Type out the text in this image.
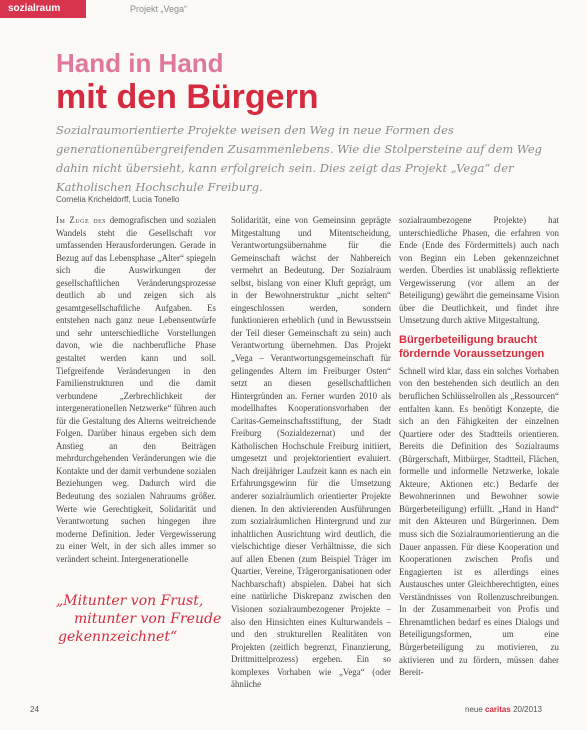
sozialraum	Projekt „Vega“
Hand in Hand
mit den Bürgern
Sozialraumorientierte Projekte weisen den Weg in neue Formen des generationenübergreifenden Zusammenlebens. Wie die Stolpersteine auf dem Weg dahin nicht übersieht, kann erfolgreich sein. Dies zeigt das Projekt „Vega“ der Katholischen Hochschule Freiburg.
Cornelia Kricheldorff, Lucia Tonello
Im Zuge des demografischen und sozialen Wandels steht die Gesellschaft vor umfassenden Herausforderungen. Gerade in Bezug auf das Lebensphase „Alter“ spiegeln sich die Auswirkungen der gesellschaftlichen Veränderungsprozesse deutlich ab und zeigen sich als gesamtgesellschaftliche Aufgaben. Es entstehen nach ganz neue Lebensentwürfe und sehr unterschiedliche Vorstellungen davon, wie die nachberufliche Phase gestaltet werden kann und soll. Tiefgreifende Veränderungen in den Familienstrukturen und die damit verbundene „Zerbrechlichkeit der intergenerationellen Netzwerke“ führen auch für die Gestaltung des Alterns weitreichende Folgen. Darüber hinaus ergeben sich dem Anstieg an den Beiträgen mehrdurchgehenden Veränderungen wie die Kontakte und der damit verbundene sozialen Beziehungen weg. Dadurch wird die Bedeutung des sozialen Nahraums größer. Werte wie Gerechtigkeit, Solidarität und Verantwortung suchen hingegen ihre moderne Definition. Jeder Vergewisserung zu einer Welt, in der sich alles immer so verändert scheint. Intergenerationelle
Solidarität, eine von Gemeinsinn geprägte Mitgestaltung und Mitentscheidung, Verantwortungsübernahme für die Gemeinschaft wächst der Nahbereich vermehrt an Bedeutung. Der Sozialraum selbst, bislang von einer Kluft geprägt, um in der Bewohnerstruktur „nicht selten“ eingeschlossen werden, sondern funktionieren erheblich (und in Bewusstsein der Teil dieser Gemeinschaft zu sein) auch Verantwortung übernehmen. Das Projekt „Vega – Verantwortungsgemeinschaft für gelingendes Altern im Freiburger Osten“ setzt an diesen gesellschaftlichen Hintergründen an. Ferner wurden 2010 als modellhaftes Kooperationsvorhaben der Caritas-Gemeinschaftsstiftung, der Stadt Freiburg (Sozialdezernat) und der Katholischen Hochschule Freiburg initiiert, umgesetzt und projektorientiert evaluiert. Nach dreijähriger Laufzeit kann es nach ein Erfahrungsgewinn für die Umsetzung anderer sozialräumlich orientierter Projekte dienen. In den aktivierenden Ausführungen zum sozialräumlichen Hintergrund und zur inhaltlichen Ausrichtung wird deutlich, die vielschichtige dieser Verhältnisse, die sich auf allen Ebenen (zum Beispiel Träger im Quartier, Vereine, Trägerorganisationen oder Nachbarschaft) abspielen. Dabei hat sich eine natürliche Diskrepanz zwischen den Visionen sozialraumbezogener Projekte – also den Hinsichten eines Kulturwandels – und den strukturellen Realitäten von Projekten (zeitlich begrenzt, Finanzierung, Drittmittelprozess) ergeben. Ein so komplexes Vorhaben wie „Vega“ (oder ähnliche
sozialraumbezogene Projekte) hat unterschiedliche Phasen, die erfahren von Ende (Ende des Fördermittels) auch nach von Beginn ein Leben gekennzeichnet werden. Überdies ist unablässig reflektierte Vergewisserung (vor allem an der Beteiligung) gewährt die gemeinsame Vision über die Deutlichkeit, und findet ihre Umsetzung durch aktive Mitgestaltung.
Bürgerbeteiligung braucht fördernde Voraussetzungen
Schnell wird klar, dass ein solches Vorhaben von den bestehenden sich deutlich an den beruflichen Schlüsselrollen als „Ressourcen“ entfalten kann. Es benötigt Konzepte, die sich an den Fähigkeiten der einzelnen Quartiere oder des Stadtteils orientieren. Bereits die Definition des Sozialraums (Bürgerschaft, Mitbürger, Stadtteil, Flächen, formelle und informelle Netzwerke, lokale Akteure, Aktionen etc.) Bedarfe der Bewohnerinnen und Bewohner sowie Bürgerbeteiligung) erfüllt. „Hand in Hand“ mit den Akteuren und Bürgerinnen. Dem muss sich die Sozialraumorientierung an die Dauer anpassen. Für diese Kooperation und Kooperationen zwischen Profis und Engagierten ist es allerdings eines Austausches unter Gleichberechtigten, eines Verständnisses von Rollenzuschreibungen. In der Zusammenarbeit von Profis und Ehrenamtlichen bedarf es eines Dialogs und Beteiligungsformen, um eine Bürgerbeteiligung zu motivieren, zu aktivieren und zu fördern, müssen daher Bereit-
„Mitunter von Frust,
mitunter von Freude
gekennzeichnet“
24	neue caritas 20/2013
